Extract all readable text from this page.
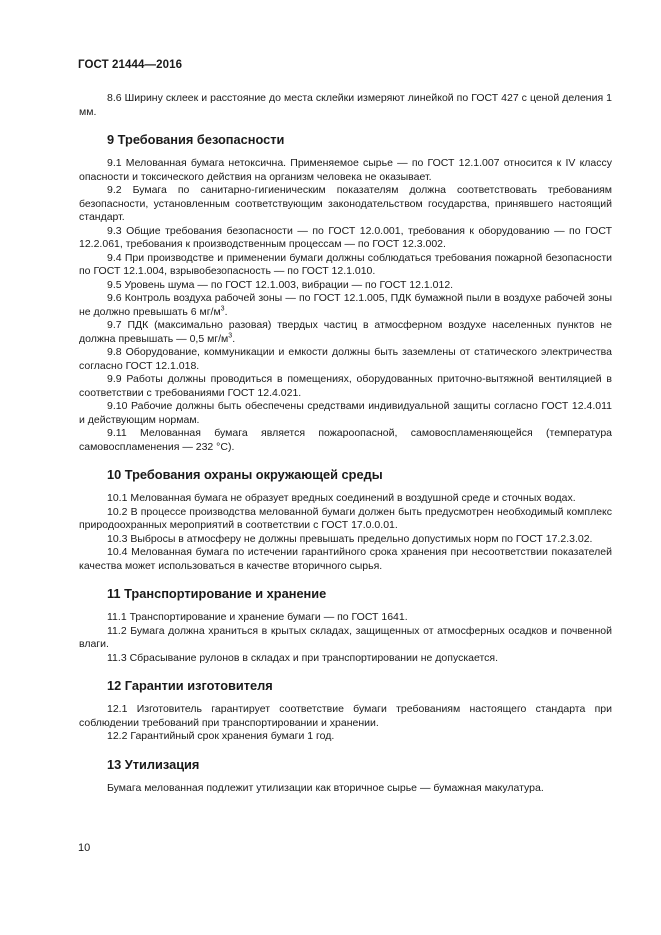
ГОСТ 21444—2016

8.6 Ширину склеек и расстояние до места склейки измеряют линейкой по ГОСТ 427 с ценой деления 1 мм.

9 Требования безопасности

9.1 Мелованная бумага нетоксична. Применяемое сырье — по ГОСТ 12.1.007 относится к IV классу опасности и токсического действия на организм человека не оказывает.

9.2 Бумага по санитарно-гигиеническим показателям должна соответствовать требованиям безопасности, установленным соответствующим законодательством государства, принявшего настоящий стандарт.

9.3 Общие требования безопасности — по ГОСТ 12.0.001, требования к оборудованию — по ГОСТ 12.2.061, требования к производственным процессам — по ГОСТ 12.3.002.

9.4 При производстве и применении бумаги должны соблюдаться требования пожарной безопасности по ГОСТ 12.1.004, взрывобезопасность — по ГОСТ 12.1.010.

9.5 Уровень шума — по ГОСТ 12.1.003, вибрации — по ГОСТ 12.1.012.

9.6 Контроль воздуха рабочей зоны — по ГОСТ 12.1.005, ПДК бумажной пыли в воздухе рабочей зоны не должно превышать 6 $мг/м^3$.

9.7 ПДК (максимально разовая) твердых частиц в атмосферном воздухе населенных пунктов не должна превышать — 0,5 $мг/м^3$.

9.8 Оборудование, коммуникации и емкости должны быть заземлены от статического электричества согласно ГОСТ 12.1.018.

9.9 Работы должны проводиться в помещениях, оборудованных приточно-вытяжной вентиляцией в соответствии с требованиями ГОСТ 12.4.021.

9.10 Рабочие должны быть обеспечены средствами индивидуальной защиты согласно ГОСТ 12.4.011 и действующим нормам.

9.11 Мелованная бумага является пожароопасной, самовоспламеняющейся (температура самовоспламенения — 232 °C).

10 Требования охраны окружающей среды

10.1 Мелованная бумага не образует вредных соединений в воздушной среде и сточных водах.

10.2 В процессе производства мелованной бумаги должен быть предусмотрен необходимый комплекс природоохранных мероприятий в соответствии с ГОСТ 17.0.0.01.

10.3 Выбросы в атмосферу не должны превышать предельно допустимых норм по ГОСТ 17.2.3.02.

10.4 Мелованная бумага по истечении гарантийного срока хранения при несоответствии показателей качества может использоваться в качестве вторичного сырья.

11 Транспортирование и хранение

11.1 Транспортирование и хранение бумаги — по ГОСТ 1641.

11.2 Бумага должна храниться в крытых складах, защищенных от атмосферных осадков и почвенной влаги.

11.3 Сбрасывание рулонов в складах и при транспортировании не допускается.

12 Гарантии изготовителя

12.1 Изготовитель гарантирует соответствие бумаги требованиям настоящего стандарта при соблюдении требований при транспортировании и хранении.

12.2 Гарантийный срок хранения бумаги 1 год.

13 Утилизация

Бумага мелованная подлежит утилизации как вторичное сырье — бумажная макулатура.

10
